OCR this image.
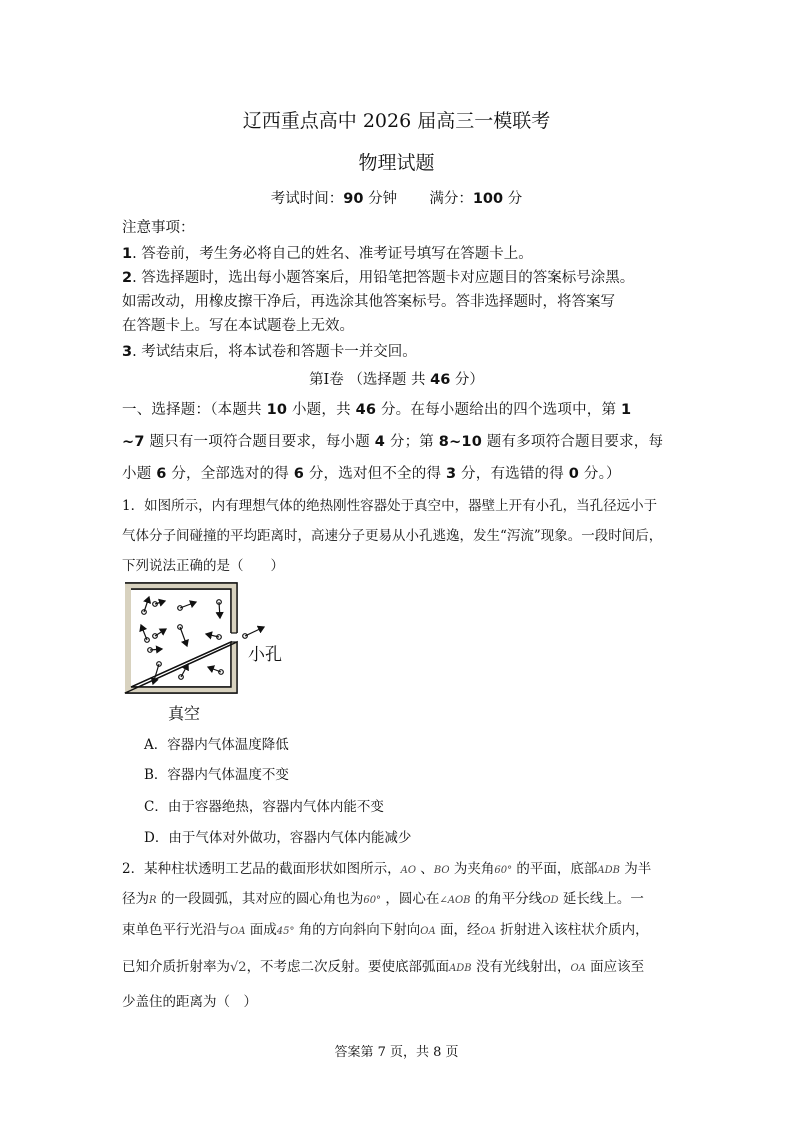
辽西重点高中 2026 届高三一模联考
物理试题
考试时间：90 分钟 满分：100 分
注意事项：
1. 答卷前，考生务必将自己的姓名、准考证号填写在答题卡上。
2. 答选择题时，选出每小题答案后，用铅笔把答题卡对应题目的答案标号涂黑。
如需改动，用橡皮擦干净后，再选涂其他答案标号。答非选择题时，将答案写
在答题卡上。写在本试题卷上无效。
3. 考试结束后，将本试卷和答题卡一并交回。
第Ⅰ卷 （选择题 共 46 分）
一、选择题：（本题共 10 小题，共 46 分。在每小题给出的四个选项中，第 1
~7 题只有一项符合题目要求，每小题 4 分；第 8~10 题有多项符合题目要求，每
小题 6 分，全部选对的得 6 分，选对但不全的得 3 分，有选错的得 0 分。）
1．如图所示，内有理想气体的绝热刚性容器处于真空中，器壁上开有小孔，当孔径远小于
气体分子间碰撞的平均距离时，高速分子更易从小孔逃逸，发生“泻流”现象。一段时间后，
下列说法正确的是（　　）
小孔
真空
A．容器内气体温度降低
B．容器内气体温度不变
C．由于容器绝热，容器内气体内能不变
D．由于气体对外做功，容器内气体内能减少
2．某种柱状透明工艺品的截面形状如图所示，AO 、BO 为夹角60° 的平面，底部ADB 为半
径为R 的一段圆弧，其对应的圆心角也为60° ，圆心在∠AOB 的角平分线OD 延长线上。一
束单色平行光沿与OA 面成45° 角的方向斜向下射向OA 面，经OA 折射进入该柱状介质内，
已知介质折射率为√2，不考虑二次反射。要使底部弧面ADB 没有光线射出，OA 面应该至
少盖住的距离为（　）
答案第 7 页，共 8 页
